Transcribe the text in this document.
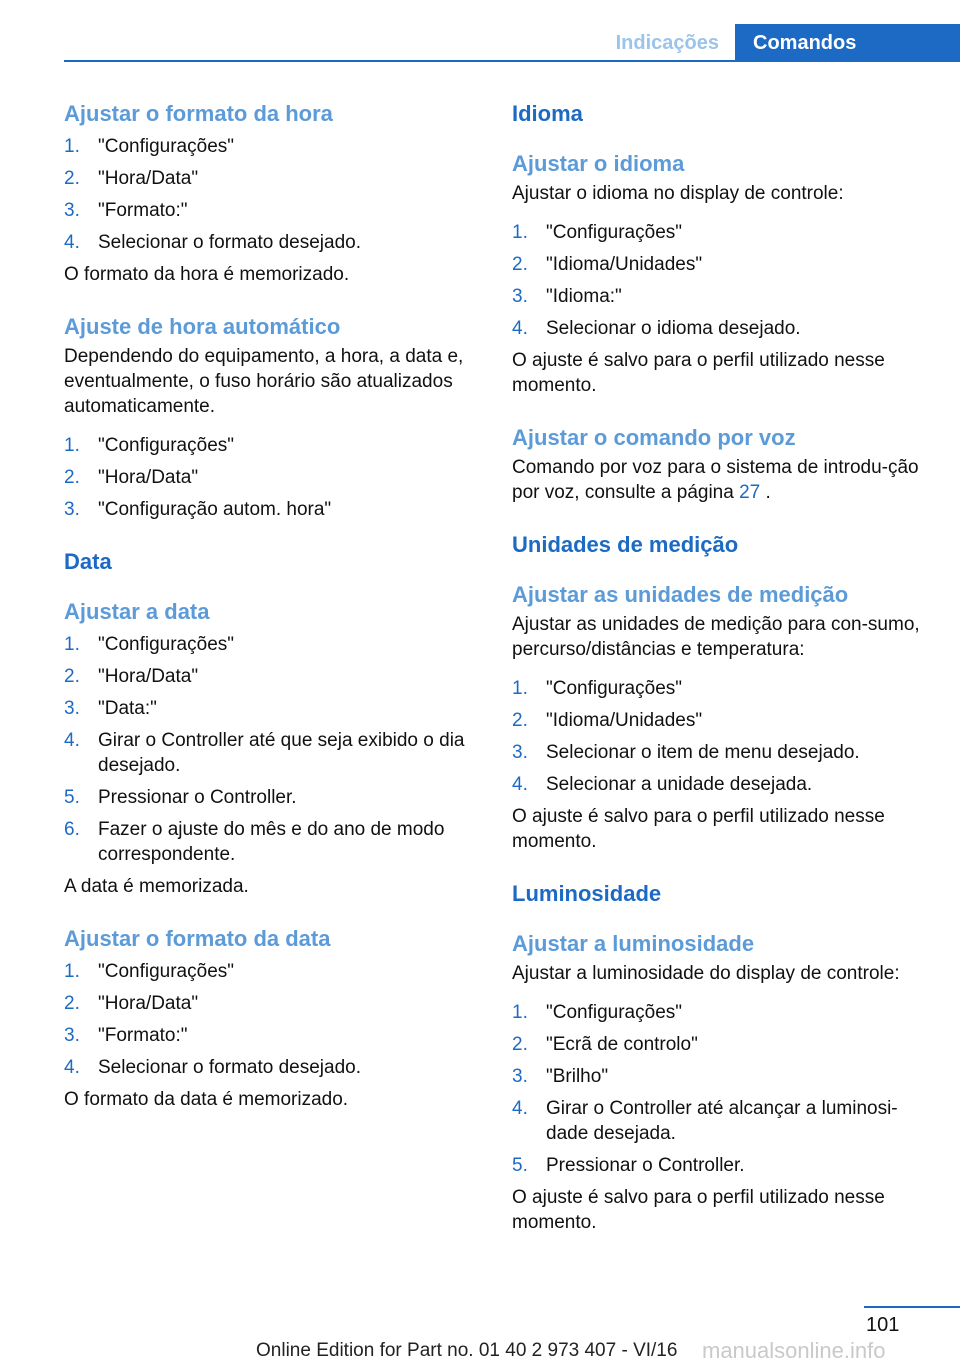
Indicações	Comandos
Ajustar o formato da hora
1. "Configurações"
2. "Hora/Data"
3. "Formato:"
4. Selecionar o formato desejado.

O formato da hora é memorizado.

Ajuste de hora automático

Dependendo do equipamento, a hora, a data e, eventualmente, o fuso horário são atualizados automaticamente.

1. "Configurações"
2. "Hora/Data"
3. "Configuração autom. hora"
Data
Ajustar a data
1. "Configurações"
2. "Hora/Data"
3. "Data:"
4. Girar o Controller até que seja exibido o dia desejado.
5. Pressionar o Controller.
6. Fazer o ajuste do mês e do ano de modo correspondente.

A data é memorizada.

Ajustar o formato da data
1. "Configurações"
2. "Hora/Data"
3. "Formato:"
4. Selecionar o formato desejado.

O formato da data é memorizado.

Idioma
Ajustar o idioma

Ajustar o idioma no display de controle:

1. "Configurações"
2. "Idioma/Unidades"
3. "Idioma:"
4. Selecionar o idioma desejado.

O ajuste é salvo para o perfil utilizado nesse momento.

Ajustar o comando por voz

Comando por voz para o sistema de introdu-ção por voz, consulte a página 27 .

Unidades de medição
Ajustar as unidades de medição

Ajustar as unidades de medição para con-sumo, percurso/distâncias e temperatura:

1. "Configurações"
2. "Idioma/Unidades"
3. Selecionar o item de menu desejado.
4. Selecionar a unidade desejada.

O ajuste é salvo para o perfil utilizado nesse momento.

Luminosidade
Ajustar a luminosidade

Ajustar a luminosidade do display de controle:

1. "Configurações"
2. "Ecrã de controlo"
3. "Brilho"
4. Girar o Controller até alcançar a luminosi-dade desejada.
5. Pressionar o Controller.

O ajuste é salvo para o perfil utilizado nesse momento.

101
Online Edition for Part no. 01 40 2 973 407 - VI/16 manualsonline.info
